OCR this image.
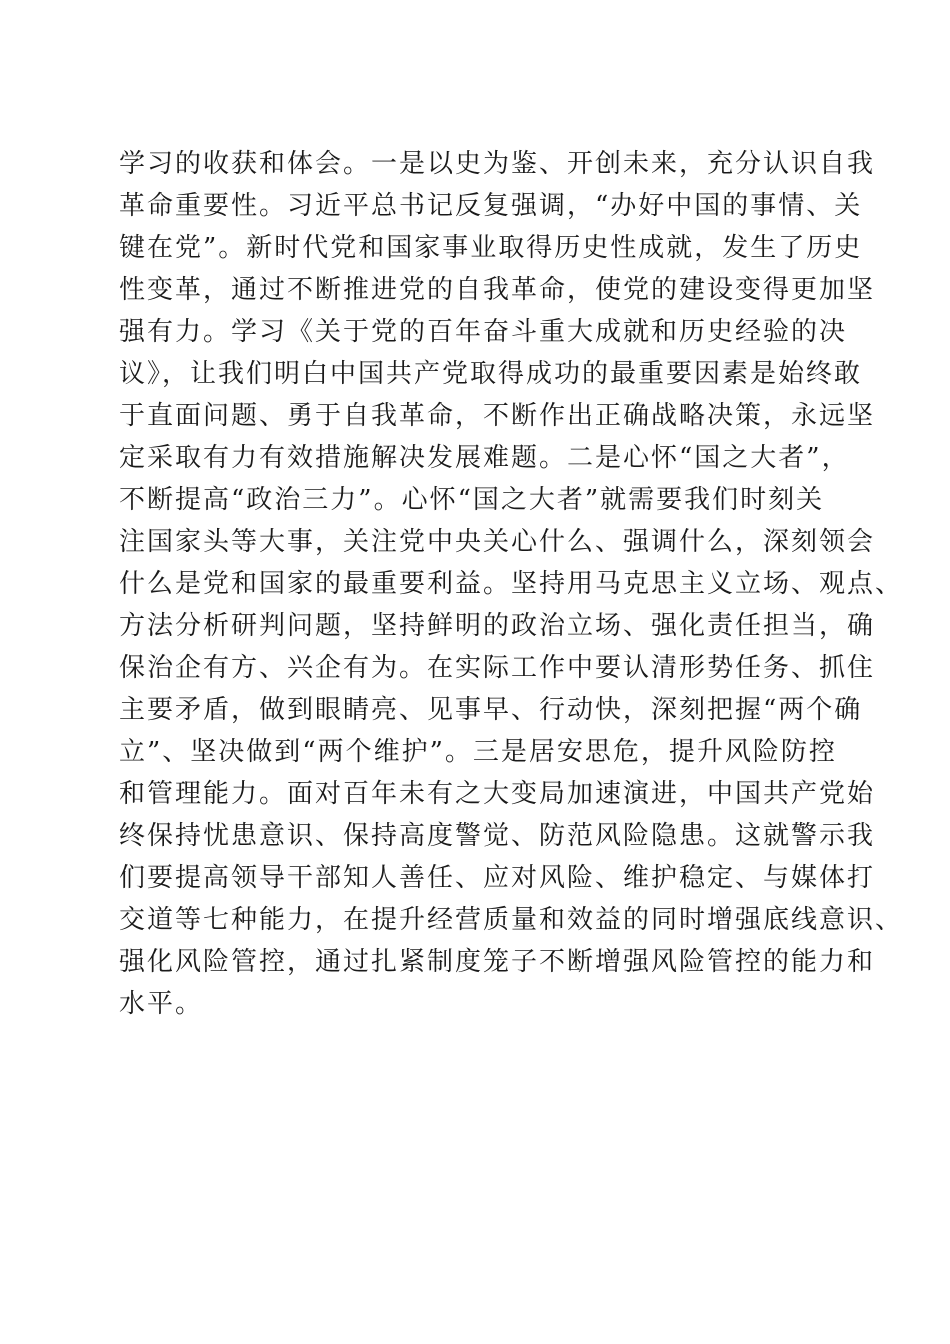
学习的收获和体会。一是以史为鉴、开创未来，充分认识自我
革命重要性。习近平总书记反复强调，“办好中国的事情、关
键在党”。新时代党和国家事业取得历史性成就，发生了历史
性变革，通过不断推进党的自我革命，使党的建设变得更加坚
强有力。学习《关于党的百年奋斗重大成就和历史经验的决
议》，让我们明白中国共产党取得成功的最重要因素是始终敢
于直面问题、勇于自我革命，不断作出正确战略决策，永远坚
定采取有力有效措施解决发展难题。二是心怀“国之大者”，
不断提高“政治三力”。心怀“国之大者”就需要我们时刻关
注国家头等大事，关注党中央关心什么、强调什么，深刻领会
什么是党和国家的最重要利益。坚持用马克思主义立场、观点、
方法分析研判问题，坚持鲜明的政治立场、强化责任担当，确
保治企有方、兴企有为。在实际工作中要认清形势任务、抓住
主要矛盾，做到眼睛亮、见事早、行动快，深刻把握“两个确
立”、坚决做到“两个维护”。三是居安思危，提升风险防控
和管理能力。面对百年未有之大变局加速演进，中国共产党始
终保持忧患意识、保持高度警觉、防范风险隐患。这就警示我
们要提高领导干部知人善任、应对风险、维护稳定、与媒体打
交道等七种能力，在提升经营质量和效益的同时增强底线意识、
强化风险管控，通过扎紧制度笼子不断增强风险管控的能力和
水平。
